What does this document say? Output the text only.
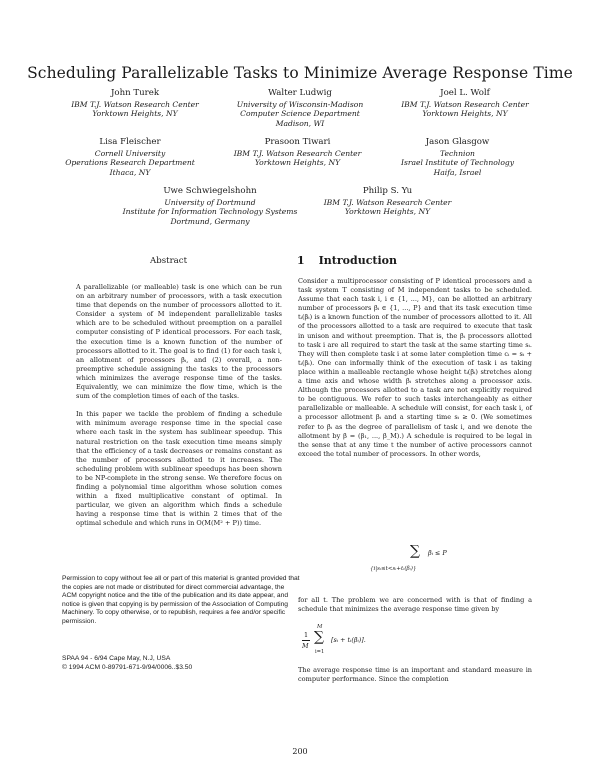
Scheduling Parallelizable Tasks to Minimize Average Response Time
John Turek
IBM T.J. Watson Research Center
Yorktown Heights, NY
Walter Ludwig
University of Wisconsin-Madison
Computer Science Department
Madison, WI
Joel L. Wolf
IBM T.J. Watson Research Center
Yorktown Heights, NY
Lisa Fleischer
Cornell University
Operations Research Department
Ithaca, NY
Prasoon Tiwari
IBM T.J. Watson Research Center
Yorktown Heights, NY
Jason Glasgow
Technion
Israel Institute of Technology
Haifa, Israel
Uwe Schwiegelshohn
University of Dortmund
Institute for Information Technology Systems
Dortmund, Germany
Philip S. Yu
IBM T.J. Watson Research Center
Yorktown Heights, NY
Abstract

A parallelizable (or malleable) task is one which can be run on an arbitrary number of processors, with a task execution time that depends on the number of processors allotted to it. Consider a system of M independent parallelizable tasks which are to be scheduled without preemption on a parallel computer consisting of P identical processors. For each task, the execution time is a known function of the number of processors allotted to it. The goal is to find (1) for each task i, an allotment of processors βᵢ, and (2) overall, a non-preemptive schedule assigning the tasks to the processors which minimizes the average response time of the tasks. Equivalently, we can minimize the flow time, which is the sum of the completion times of each of the tasks.

In this paper we tackle the problem of finding a schedule with minimum average response time in the special case where each task in the system has sublinear speedup. This natural restriction on the task execution time means simply that the efficiency of a task decreases or remains constant as the number of processors allotted to it increases. The scheduling problem with sublinear speedups has been shown to be NP-complete in the strong sense. We therefore focus on finding a polynomial time algorithm whose solution comes within a fixed multiplicative constant of optimal. In particular, we given an algorithm which finds a schedule having a response time that is within 2 times that of the optimal schedule and which runs in O(M(M² + P)) time.

Permission to copy without fee all or part of this material is granted provided that the copies are not made or distributed for direct commercial advantage, the ACM copyright notice and the title of the publication and its date appear, and notice is given that copying is by permission of the Association of Computing Machinery. To copy otherwise, or to republish, requires a fee and/or specific permission.
SPAA 94 - 6/94 Cape May, N.J, USA
© 1994 ACM 0-89791-671-9/94/0006..$3.50
1 Introduction

Consider a multiprocessor consisting of P identical processors and a task system T consisting of M independent tasks to be scheduled. Assume that each task i, i ∈ {1, ..., M}, can be allotted an arbitrary number of processors βᵢ ∈ {1, ..., P} and that its task execution time tᵢ(βᵢ) is a known function of the number of processors allotted to it. All of the processors allotted to a task are required to execute that task in unison and without preemption. That is, the βᵢ processors allotted to task i are all required to start the task at the same starting time sᵢ. They will then complete task i at some later completion time cᵢ = sᵢ + tᵢ(βᵢ). One can informally think of the execution of task i as taking place within a malleable rectangle whose height tᵢ(βᵢ) stretches along a time axis and whose width βᵢ stretches along a processor axis. Although the processors allotted to a task are not explicitly required to be contiguous. We refer to such tasks interchangeably as either parallelizable or malleable. A schedule will consist, for each task i, of a processor allotment βᵢ and a starting time sᵢ ≥ 0. (We sometimes refer to βᵢ as the degree of parallelism of task i, and we denote the allotment by β = (β₁, ..., β_M).) A schedule is required to be legal in the sense that at any time t the number of active processors cannot exceed the total number of processors. In other words,

∑ βᵢ ≤ P
{i|sᵢ≤t<sᵢ+tᵢ(βᵢ)}

for all t. The problem we are concerned with is that of finding a schedule that minimizes the average response time given by

1
M
∑
M
i=1
[sᵢ + tᵢ(βᵢ)].

The average response time is an important and standard measure in computer performance. Since the completion

200
